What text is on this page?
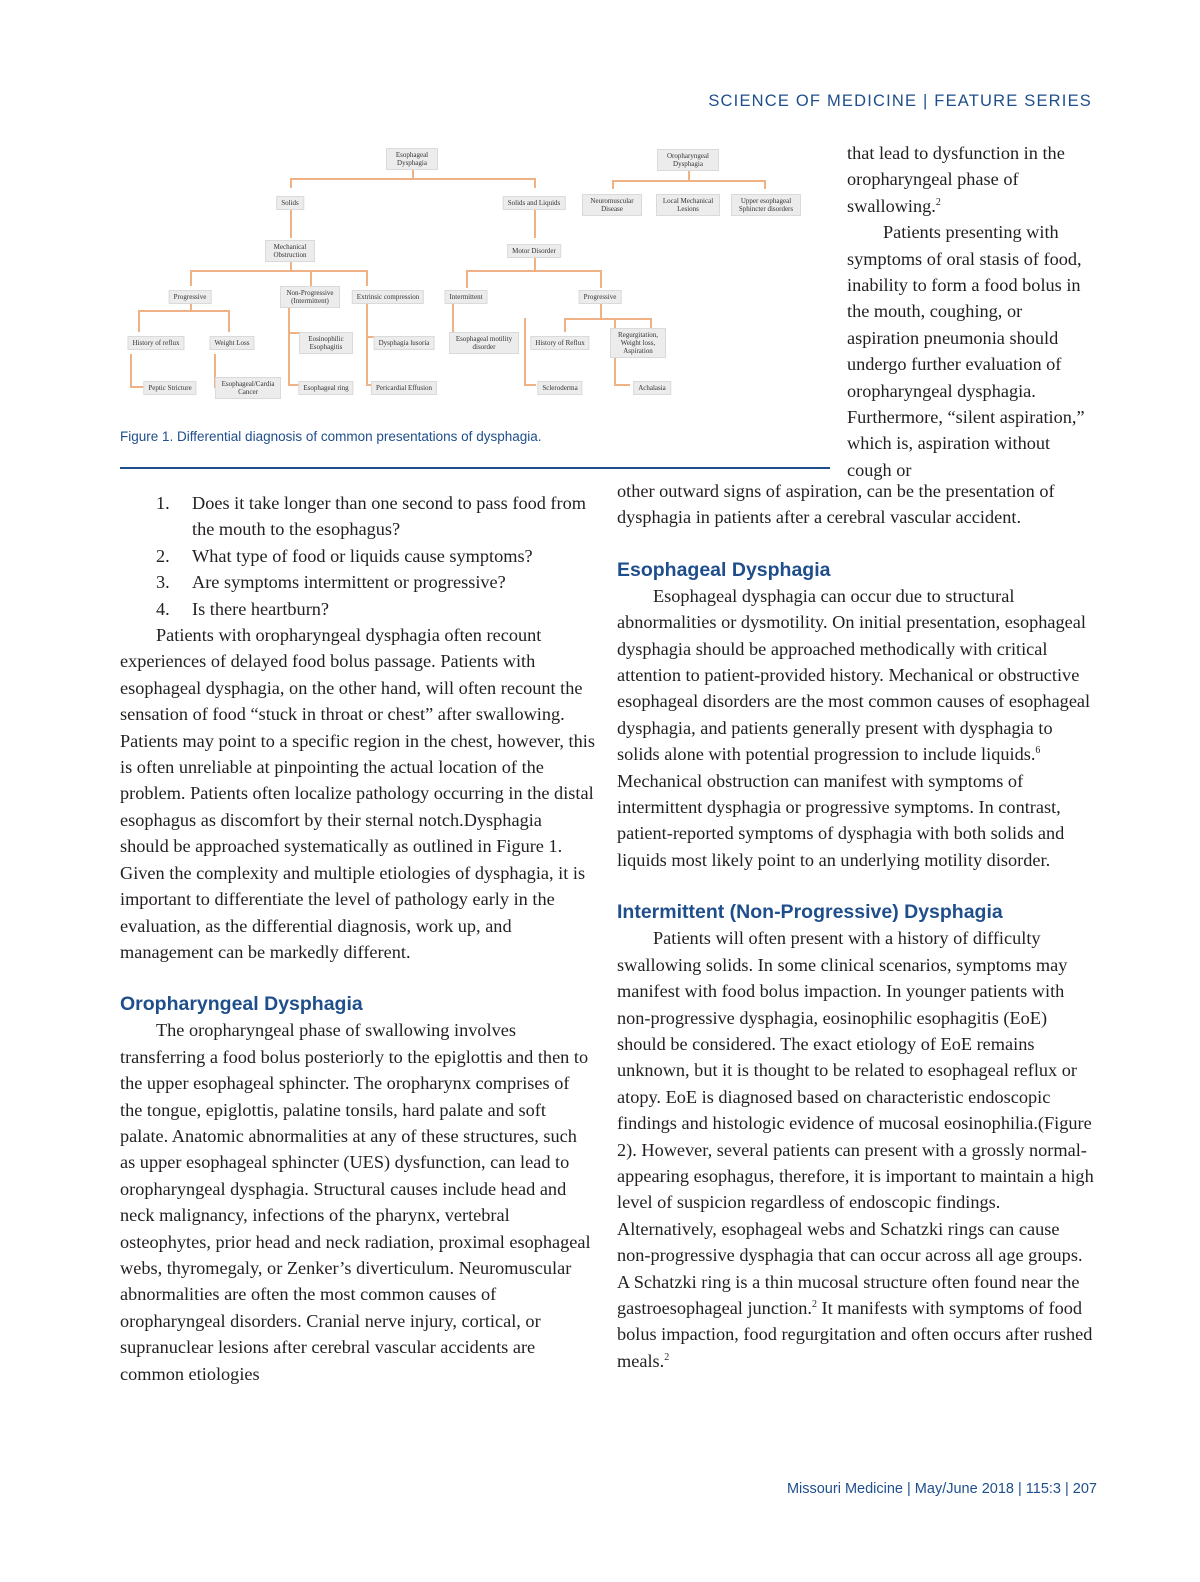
SCIENCE OF MEDICINE | FEATURE SERIES
Esophageal Dysphagia
Oropharyngeal Dysphagia
Solids	Solids and Liquids	Neuromuscular Disease
Local Mechanical Lesions
Upper esophageal Sphincter disorders
Mechanical Obstruction	Motor Disorder
Progressive	Non-Progressive (Intermittent)	Extrinsic compression	Intermittent	Progressive
History of reflux	Weight Loss	Eosinophilic Esophagitis	Dysphagia lusoria	Esophageal motility disorder	History of Reflux
Regurgitation, Weight loss, Aspiration
Peptic Stricture	Esophageal/Cardia Cancer	Esophageal ring	Pericardial Effusion	Scleroderma	Achalasia
Figure 1. Differential diagnosis of common presentations of dysphagia.

that lead to dysfunction in the oropharyngeal phase of swallowing.$^2$

Patients presenting with symptoms of oral stasis of food, inability to form a food bolus in the mouth, coughing, or aspiration pneumonia should undergo further evaluation of oropharyngeal dysphagia. Furthermore, “silent aspiration,” which is, aspiration without cough or

other outward signs of aspiration, can be the presentation of dysphagia in patients after a cerebral vascular accident.

Esophageal Dysphagia

Esophageal dysphagia can occur due to structural abnormalities or dysmotility. On initial presentation, esophageal dysphagia should be approached methodically with critical attention to patient-provided history. Mechanical or obstructive esophageal disorders are the most common causes of esophageal dysphagia, and patients generally present with dysphagia to solids alone with potential progression to include liquids.$^6$ Mechanical obstruction can manifest with symptoms of intermittent dysphagia or progressive symptoms. In contrast, patient-reported symptoms of dysphagia with both solids and liquids most likely point to an underlying motility disorder.

Intermittent (Non-Progressive) Dysphagia

Patients will often present with a history of difficulty swallowing solids. In some clinical scenarios, symptoms may manifest with food bolus impaction. In younger patients with non-progressive dysphagia, eosinophilic esophagitis (EoE) should be considered. The exact etiology of EoE remains unknown, but it is thought to be related to esophageal reflux or atopy. EoE is diagnosed based on characteristic endoscopic findings and histologic evidence of mucosal eosinophilia.(Figure 2). However, several patients can present with a grossly normal-appearing esophagus, therefore, it is important to maintain a high level of suspicion regardless of endoscopic findings. Alternatively, esophageal webs and Schatzki rings can cause non-progressive dysphagia that can occur across all age groups. A Schatzki ring is a thin mucosal structure often found near the gastroesophageal junction.$^2$ It manifests with symptoms of food bolus impaction, food regurgitation and often occurs after rushed meals.$^2$

1. Does it take longer than one second to pass food from the mouth to the esophagus?
2. What type of food or liquids cause symptoms?
3. Are symptoms intermittent or progressive?
4. Is there heartburn?

Patients with oropharyngeal dysphagia often recount experiences of delayed food bolus passage. Patients with esophageal dysphagia, on the other hand, will often recount the sensation of food “stuck in throat or chest” after swallowing. Patients may point to a specific region in the chest, however, this is often unreliable at pinpointing the actual location of the problem. Patients often localize pathology occurring in the distal esophagus as discomfort by their sternal notch.Dysphagia should be approached systematically as outlined in Figure 1. Given the complexity and multiple etiologies of dysphagia, it is important to differentiate the level of pathology early in the evaluation, as the differential diagnosis, work up, and management can be markedly different.

Oropharyngeal Dysphagia

The oropharyngeal phase of swallowing involves transferring a food bolus posteriorly to the epiglottis and then to the upper esophageal sphincter. The oropharynx comprises of the tongue, epiglottis, palatine tonsils, hard palate and soft palate. Anatomic abnormalities at any of these structures, such as upper esophageal sphincter (UES) dysfunction, can lead to oropharyngeal dysphagia. Structural causes include head and neck malignancy, infections of the pharynx, vertebral osteophytes, prior head and neck radiation, proximal esophageal webs, thyromegaly, or Zenker’s diverticulum. Neuromuscular abnormalities are often the most common causes of oropharyngeal disorders. Cranial nerve injury, cortical, or supranuclear lesions after cerebral vascular accidents are common etiologies

Missouri Medicine | May/June 2018 | 115:3 | 207
